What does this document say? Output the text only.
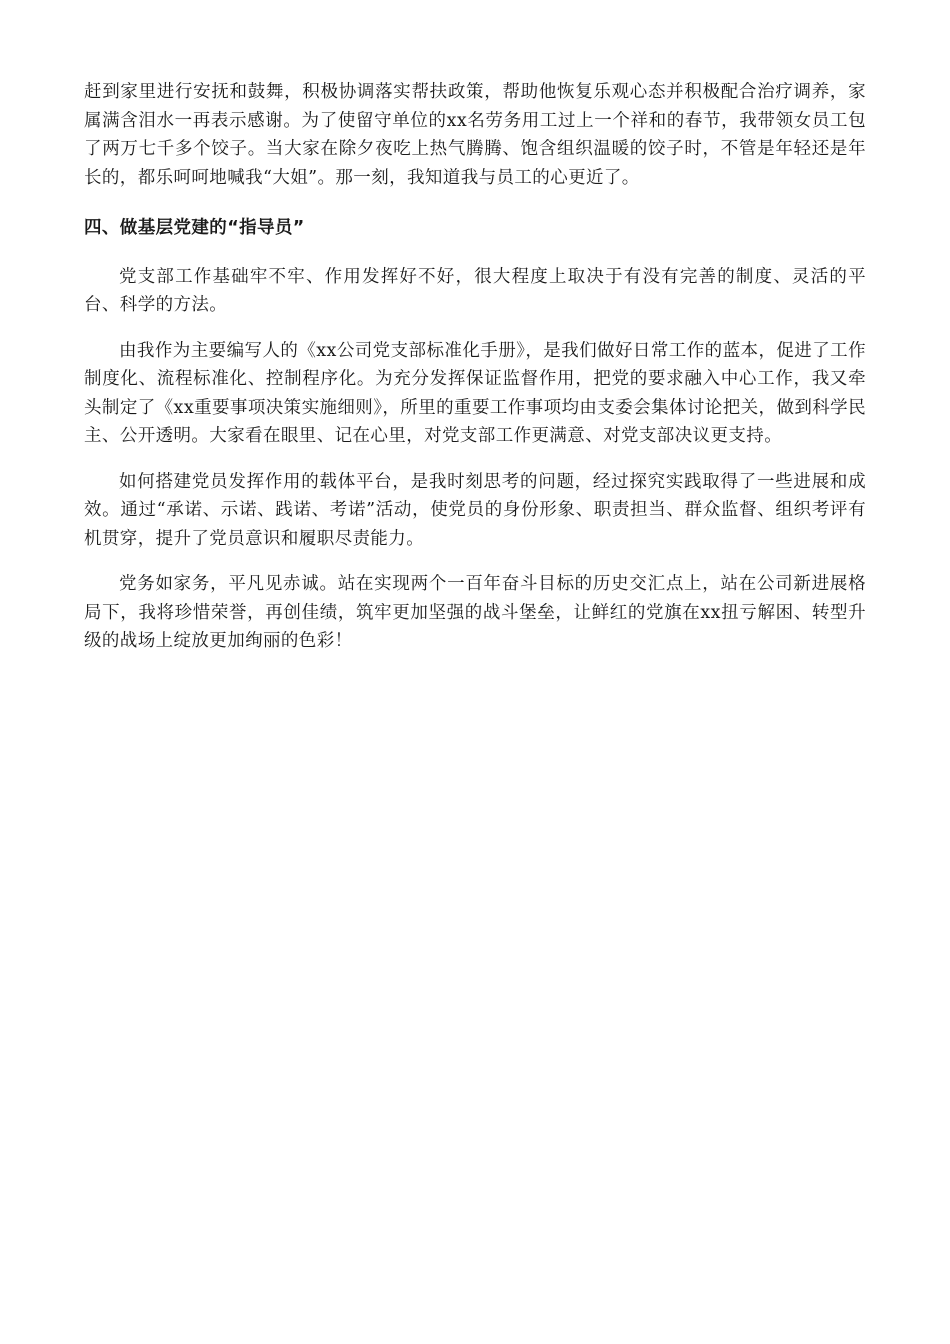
赶到家里进行安抚和鼓舞，积极协调落实帮扶政策，帮助他恢复乐观心态并积极配合治疗调养，家属满含泪水一再表示感谢。为了使留守单位的xx名劳务用工过上一个祥和的春节，我带领女员工包了两万七千多个饺子。当大家在除夕夜吃上热气腾腾、饱含组织温暖的饺子时，不管是年轻还是年长的，都乐呵呵地喊我“大姐”。那一刻，我知道我与员工的心更近了。

四、做基层党建的“指导员”

党支部工作基础牢不牢、作用发挥好不好，很大程度上取决于有没有完善的制度、灵活的平台、科学的方法。

由我作为主要编写人的《xx公司党支部标准化手册》，是我们做好日常工作的蓝本，促进了工作制度化、流程标准化、控制程序化。为充分发挥保证监督作用，把党的要求融入中心工作，我又牵头制定了《xx重要事项决策实施细则》，所里的重要工作事项均由支委会集体讨论把关，做到科学民主、公开透明。大家看在眼里、记在心里，对党支部工作更满意、对党支部决议更支持。

如何搭建党员发挥作用的载体平台，是我时刻思考的问题，经过探究实践取得了一些进展和成效。通过“承诺、示诺、践诺、考诺”活动，使党员的身份形象、职责担当、群众监督、组织考评有机贯穿，提升了党员意识和履职尽责能力。

党务如家务，平凡见赤诚。站在实现两个一百年奋斗目标的历史交汇点上，站在公司新进展格局下，我将珍惜荣誉，再创佳绩，筑牢更加坚强的战斗堡垒，让鲜红的党旗在xx扭亏解困、转型升级的战场上绽放更加绚丽的色彩！
